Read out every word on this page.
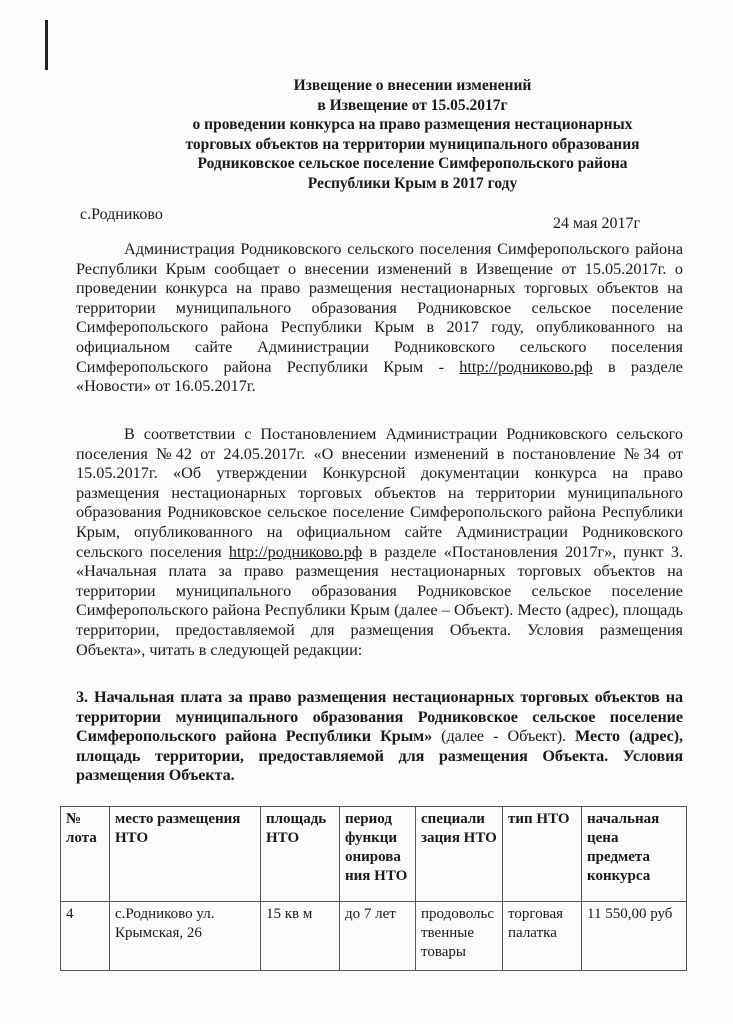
Извещение о внесении изменений
в Извещение от 15.05.2017г
о проведении конкурса на право размещения нестационарных
торговых объектов на территории муниципального образования
Родниковское сельское поселение Симферопольского района
Республики Крым в 2017 году
с.Родниково
24 мая 2017г
Администрация Родниковского сельского поселения Симферопольского района Республики Крым сообщает о внесении изменений в Извещение от 15.05.2017г. о проведении конкурса на право размещения нестационарных торговых объектов на территории муниципального образования Родниковское сельское поселение Симферопольского района Республики Крым в 2017 году, опубликованного на официальном сайте Администрации Родниковского сельского поселения Симферопольского района Республики Крым - http://родниково.рф в разделе «Новости» от 16.05.2017г.
В соответствии с Постановлением Администрации Родниковского сельского поселения №42 от 24.05.2017г. «О внесении изменений в постановление №34 от 15.05.2017г. «Об утверждении Конкурсной документации конкурса на право размещения нестационарных торговых объектов на территории муниципального образования Родниковское сельское поселение Симферопольского района Республики Крым, опубликованного на официальном сайте Администрации Родниковского сельского поселения http://родниково.рф в разделе «Постановления 2017г», пункт 3. «Начальная плата за право размещения нестационарных торговых объектов на территории муниципального образования Родниковское сельское поселение Симферопольского района Республики Крым (далее – Объект). Место (адрес), площадь территории, предоставляемой для размещения Объекта. Условия размещения Объекта», читать в следующей редакции:
3. Начальная плата за право размещения нестационарных торговых объектов на территории муниципального образования Родниковское сельское поселение Симферопольского района Республики Крым» (далее - Объект). Место (адрес), площадь территории, предоставляемой для размещения Объекта. Условия размещения Объекта.
№ лота	место размещения НТО	площадь НТО	период функци онирова ния НТО	специали зация НТО	тип НТО	начальная цена предмета конкурса
4	с.Родниково ул. Крымская, 26	15 кв м	до 7 лет	продовольс твенные товары	торговая палатка	11 550,00 руб
